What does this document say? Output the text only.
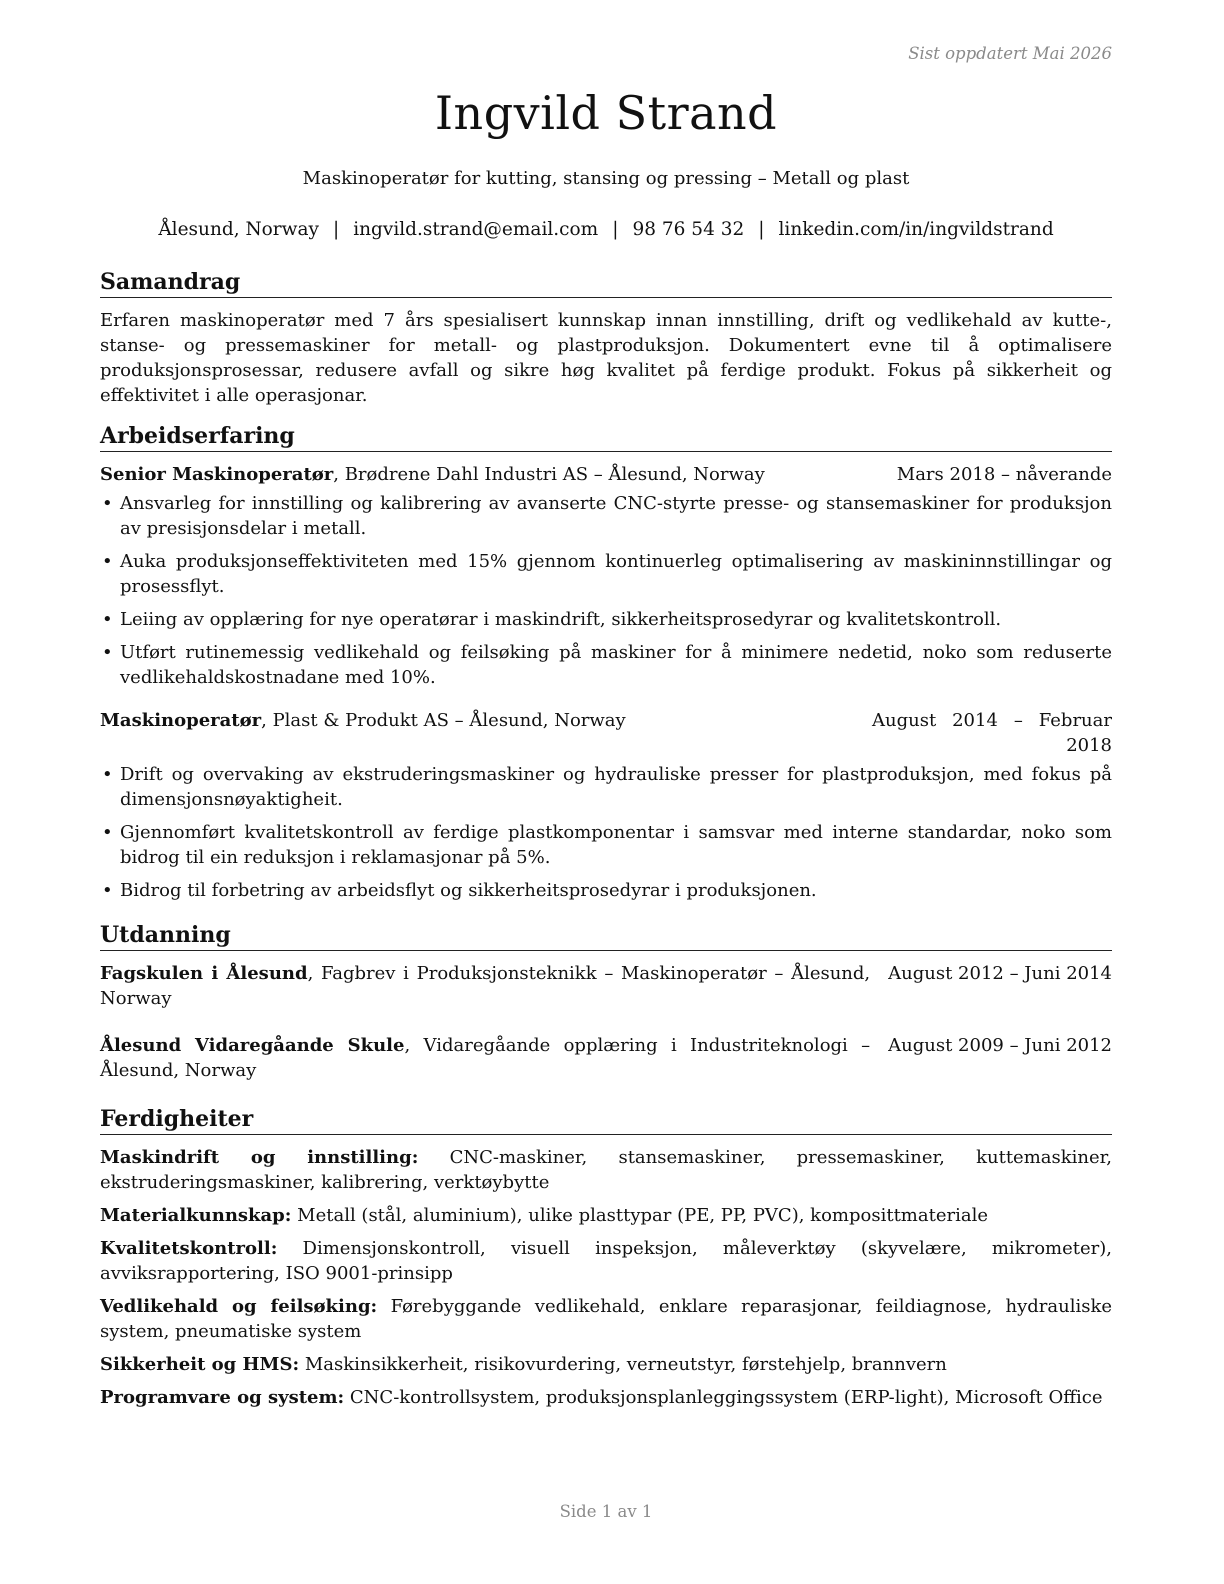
Sist oppdatert Mai 2026
Ingvild Strand
Maskinoperatør for kutting, stansing og pressing – Metall og plast
Ålesund, Norway | ingvild.strand@email.com | 98 76 54 32 | linkedin.com/in/ingvildstrand
Samandrag

Erfaren maskinoperatør med 7 års spesialisert kunnskap innan innstilling, drift og vedlikehald av kutte-, stanse- og pressemaskiner for metall- og plastproduksjon. Dokumentert evne til å optimalisere produksjonsprosessar, redusere avfall og sikre høg kvalitet på ferdige produkt. Fokus på sikkerheit og effektivitet i alle operasjonar.

Arbeidserfaring
Senior Maskinoperatør, Brødrene Dahl Industri AS – Ålesund, Norway	Mars 2018 – nåverande
• Ansvarleg for innstilling og kalibrering av avanserte CNC-styrte presse- og stansemaskiner for produksjon av presisjonsdelar i metall.
• Auka produksjonseffektiviteten med 15% gjennom kontinuerleg optimalisering av maskininnstillingar og prosessflyt.
• Leiing av opplæring for nye operatørar i maskindrift, sikkerheitsprosedyrar og kvalitetskontroll.
• Utført rutinemessig vedlikehald og feilsøking på maskiner for å minimere nedetid, noko som reduserte vedlikehaldskostnadane med 10%.
Maskinoperatør, Plast & Produkt AS – Ålesund, Norway	August 2014 – Februar 2018
• Drift og overvaking av ekstruderingsmaskiner og hydrauliske presser for plastproduksjon, med fokus på dimensjonsnøyaktigheit.
• Gjennomført kvalitetskontroll av ferdige plastkomponentar i samsvar med interne standardar, noko som bidrog til ein reduksjon i reklamasjonar på 5%.
• Bidrog til forbetring av arbeidsflyt og sikkerheitsprosedyrar i produksjonen.
Utdanning
Fagskulen i Ålesund, Fagbrev i Produksjonsteknikk – Maskinoperatør – Ålesund, Norway
August 2012 – Juni 2014
Ålesund Vidaregåande Skule, Vidaregåande opplæring i Industriteknologi – Ålesund, Norway
August 2009 – Juni 2012
Ferdigheiter
Maskindrift og innstilling: CNC-maskiner, stansemaskiner, pressemaskiner, kuttemaskiner, ekstruderingsmaskiner, kalibrering, verktøybytte
Materialkunnskap: Metall (stål, aluminium), ulike plasttypar (PE, PP, PVC), komposittmateriale
Kvalitetskontroll: Dimensjonskontroll, visuell inspeksjon, måleverktøy (skyvelære, mikrometer), avviksrapportering, ISO 9001-prinsipp
Vedlikehald og feilsøking: Førebyggande vedlikehald, enklare reparasjonar, feildiagnose, hydrauliske system, pneumatiske system
Sikkerheit og HMS: Maskinsikkerheit, risikovurdering, verneutstyr, førstehjelp, brannvern
Programvare og system: CNC-kontrollsystem, produksjonsplanleggingssystem (ERP-light), Microsoft Office
Side 1 av 1
